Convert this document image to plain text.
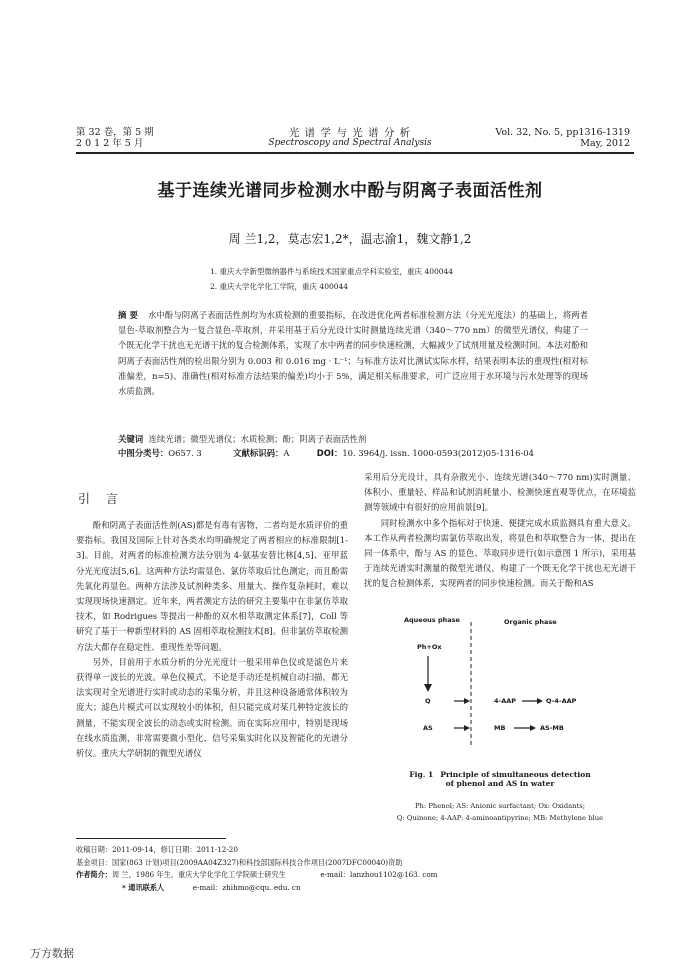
第 32 卷，第 5 期
2 0 1 2 年 5 月
光 谱 学 与 光 谱 分 析
Spectroscopy and Spectral Analysis
Vol. 32, No. 5, pp1316-1319
May, 2012
基于连续光谱同步检测水中酚与阴离子表面活性剂
周 兰1,2，莫志宏1,2*，温志渝1，魏文静1,2
1. 重庆大学新型微纳器件与系统技术国家重点学科实验室，重庆 400044
2. 重庆大学化学化工学院，重庆 400044
摘 要 水中酚与阴离子表面活性剂均为水质检测的重要指标，在改进优化两者标准检测方法（分光光度法）的基础上，将两者显色-萃取剂整合为一复合显色-萃取剂，并采用基于后分光设计实时测量连续光谱（340～770 nm）的微型光谱仪，构建了一个既无化学干扰也无光谱干扰的复合检测体系，实现了水中两者的同步快速检测，大幅减少了试剂用量及检测时间。本法对酚和阴离子表面活性剂的检出限分别为 0.003 和 0.016 mg · L⁻¹；与标准方法对比测试实际水样，结果表明本法的重现性(相对标准偏差，n=5)、准确性(相对标准方法结果的偏差)均小于 5%，满足相关标准要求，可广泛应用于水环境与污水处理等的现场水质监测。
关键词 连续光谱；微型光谱仪；水质检测；酚；阴离子表面活性剂
中图分类号：O657. 3	文献标识码：A	DOI：10. 3964/j. issn. 1000-0593(2012)05-1316-04
引 言

酚和阴离子表面活性剂(AS)都是有毒有害物，二者均是水质评价的重要指标。我国及国际上针对各类水均明确规定了两者相应的标准限制[1-3]。目前，对两者的标准检测方法分别为 4-氨基安替比林[4,5]、亚甲蓝分光光度法[5,6]。这两种方法均需显色、氯仿萃取后比色测定，而且酚需先氧化再显色。两种方法涉及试剂种类多、用量大、操作复杂耗时，难以实现现场快速测定。近年来，两者测定方法的研究主要集中在非氯仿萃取技术，如 Rodrigues 等提出一种酚的双水相萃取测定体系[7]，Coll 等研究了基于一种新型材料的 AS 固相萃取检测技术[8]。但非氯仿萃取检测方法大都存在稳定性、重现性差等问题。

另外，目前用于水质分析的分光光度计一般采用单色仪或是滤色片来获得单一波长的光波。单色仪模式，不论是手动还是机械自动扫描，都无法实现对全光谱进行实时或动态的采集分析，并且这种设备通常体积较为庞大；滤色片模式可以实现较小的体积，但只能完成对某几种特定波长的测量，不能实现全波长的动态或实时检测。而在实际应用中，特别是现场在线水质监测，非常需要微小型化、信号采集实时化以及智能化的光谱分析仪。重庆大学研制的微型光谱仪

采用后分光设计，具有杂散光小、连续光谱(340～770 nm)实时测量、体积小、重量轻、样品和试剂消耗量小、检测快速直观等优点，在环境监测等领域中有很好的应用前景[9]。

同时检测水中多个指标对于快速、便捷完成水质监测具有重大意义。本工作从两者检测均需氯仿萃取出发，将显色和萃取整合为一体，提出在同一体系中，酚与 AS 的显色、萃取同步进行(如示意图 1 所示)，采用基于连续光谱实时测量的微型光谱仪，构建了一个既无化学干扰也无光谱干扰的复合检测体系，实现两者的同步快速检测。而关于酚和AS

Aqueous phase	Organic phase
Ph+Ox
Q
AS
4-AAP	Q-4-AAP
MB	AS-MB
Fig. 1 Principle of simultaneous detection
of phenol and AS in water
Ph: Phenol; AS: Anionic surfactant; Ox: Oxidants;
Q: Quinone; 4-AAP: 4-aminoantipyrine; MB: Methylene blue
收稿日期：2011-09-14，修订日期：2011-12-20
基金项目：国家(863 计划)项目(2009AA04Z327)和科技部国际科技合作项目(2007DFC00040)资助
作者简介：周 兰，1986 年生，重庆大学化学化工学院硕士研究生	e-mail：lanzhou1102@163. com
* 通讯联系人	e-mail：zhihmo@cqu. edu. cn
万方数据
